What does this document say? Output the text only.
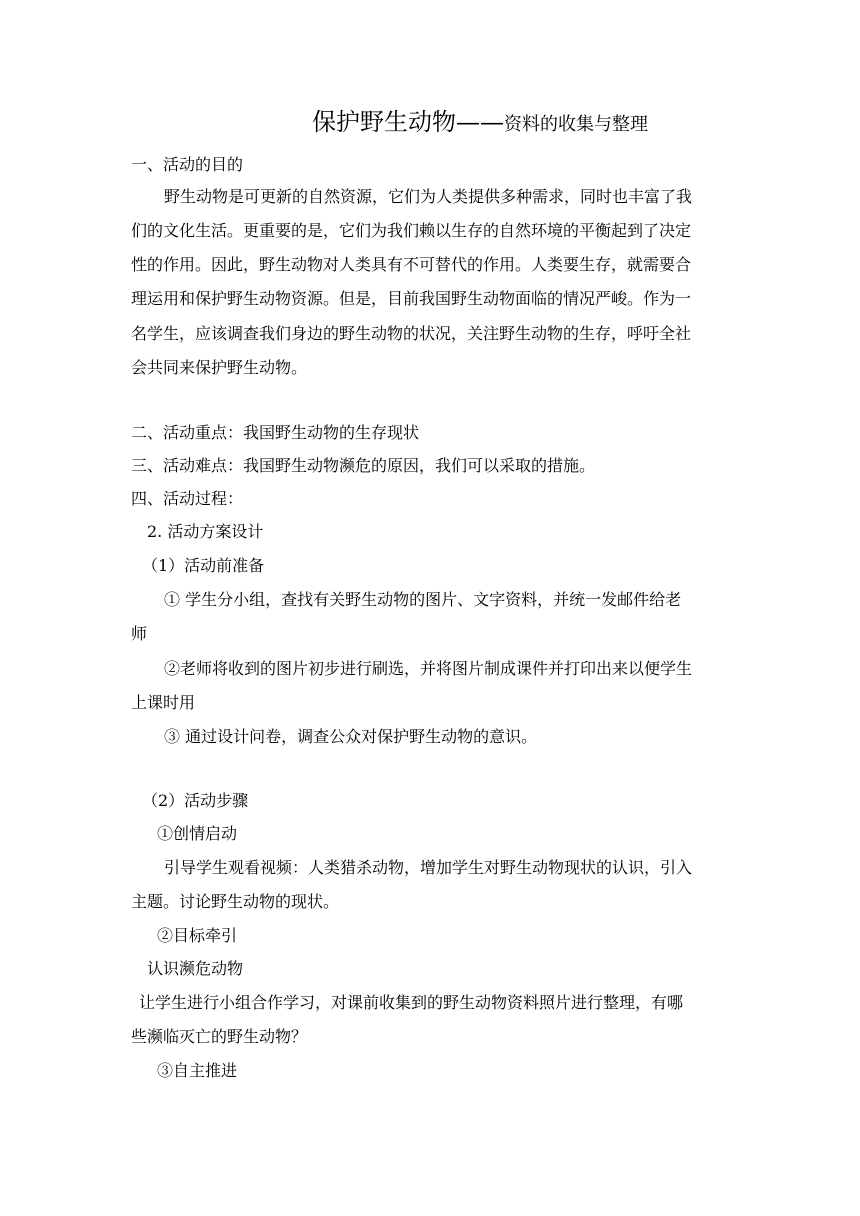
保护野生动物——资料的收集与整理
一、活动的目的
野生动物是可更新的自然资源，它们为人类提供多种需求，同时也丰富了我
们的文化生活。更重要的是，它们为我们赖以生存的自然环境的平衡起到了决定
性的作用。因此，野生动物对人类具有不可替代的作用。人类要生存，就需要合
理运用和保护野生动物资源。但是，目前我国野生动物面临的情况严峻。作为一
名学生，应该调查我们身边的野生动物的状况，关注野生动物的生存，呼吁全社
会共同来保护野生动物。
二、活动重点：我国野生动物的生存现状
三、活动难点：我国野生动物濒危的原因，我们可以采取的措施。
四、活动过程：
2. 活动方案设计
（1）活动前准备
① 学生分小组，查找有关野生动物的图片、文字资料，并统一发邮件给老
师
②老师将收到的图片初步进行刷选，并将图片制成课件并打印出来以便学生
上课时用
③ 通过设计问卷，调查公众对保护野生动物的意识。
（2）活动步骤
①创情启动
引导学生观看视频：人类猎杀动物，增加学生对野生动物现状的认识，引入
主题。讨论野生动物的现状。
②目标牵引
认识濒危动物
让学生进行小组合作学习，对课前收集到的野生动物资料照片进行整理，有哪
些濒临灭亡的野生动物？
③自主推进
